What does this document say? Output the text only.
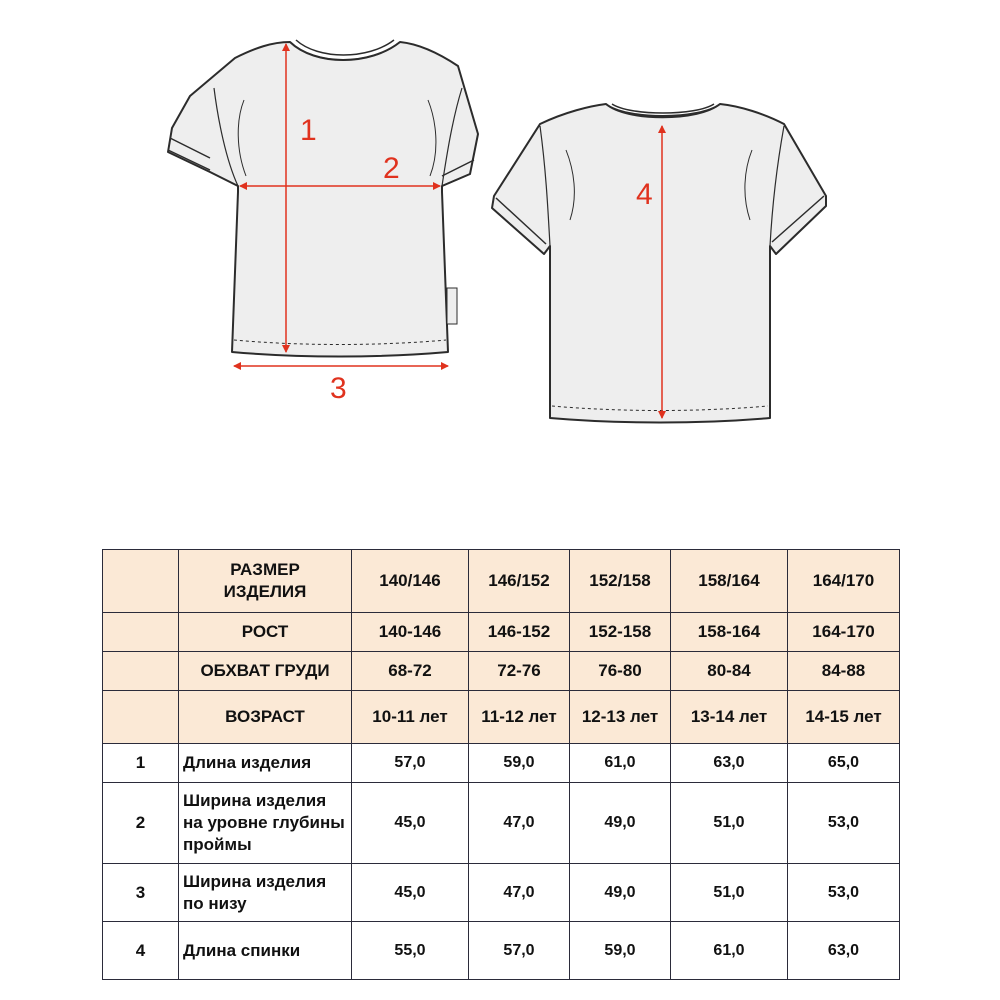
1
2
3
4
	РАЗМЕР ИЗДЕЛИЯ	140/146	146/152	152/158	158/164	164/170
	РОСТ	140-146	146-152	152-158	158-164	164-170
	ОБХВАТ ГРУДИ	68-72	72-76	76-80	80-84	84-88
	ВОЗРАСТ	10-11 лет	11-12 лет	12-13 лет	13-14 лет	14-15 лет
1	Длина изделия	57,0	59,0	61,0	63,0	65,0
2	Ширина изделия на уровне глубины проймы	45,0	47,0	49,0	51,0	53,0
3	Ширина изделия по низу	45,0	47,0	49,0	51,0	53,0
4	Длина спинки	55,0	57,0	59,0	61,0	63,0
